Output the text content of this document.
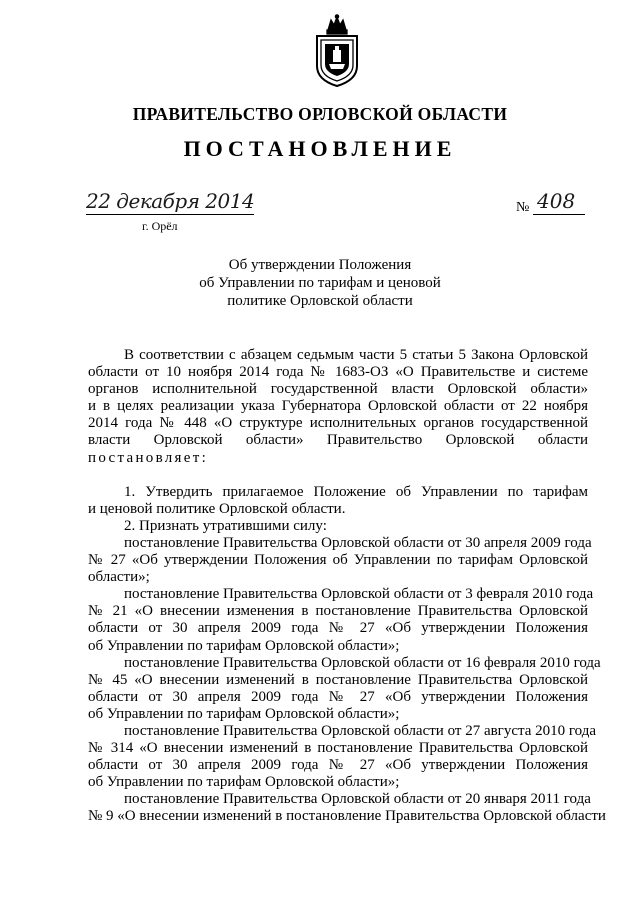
ПРАВИТЕЛЬСТВО ОРЛОВСКОЙ ОБЛАСТИ
ПОСТАНОВЛЕНИЕ
22 декабря 2014
г. Орёл
№ 408
Об утверждении Положения
об Управлении по тарифам и ценовой
политике Орловской области
В соответствии с абзацем седьмым части 5 статьи 5 Закона Орловской
области от 10 ноября 2014 года № 1683-ОЗ «О Правительстве и системе
органов исполнительной государственной власти Орловской области»
и в целях реализации указа Губернатора Орловской области от 22 ноября
2014 года № 448 «О структуре исполнительных органов государственной
власти Орловской области» Правительство Орловской области
постановляет:
1. Утвердить прилагаемое Положение об Управлении по тарифам
и ценовой политике Орловской области.
2. Признать утратившими силу:
постановление Правительства Орловской области от 30 апреля 2009 года
№ 27 «Об утверждении Положения об Управлении по тарифам Орловской
области»;
постановление Правительства Орловской области от 3 февраля 2010 года
№ 21 «О внесении изменения в постановление Правительства Орловской
области от 30 апреля 2009 года № 27 «Об утверждении Положения
об Управлении по тарифам Орловской области»;
постановление Правительства Орловской области от 16 февраля 2010 года
№ 45 «О внесении изменений в постановление Правительства Орловской
области от 30 апреля 2009 года № 27 «Об утверждении Положения
об Управлении по тарифам Орловской области»;
постановление Правительства Орловской области от 27 августа 2010 года
№ 314 «О внесении изменений в постановление Правительства Орловской
области от 30 апреля 2009 года № 27 «Об утверждении Положения
об Управлении по тарифам Орловской области»;
постановление Правительства Орловской области от 20 января 2011 года
№ 9 «О внесении изменений в постановление Правительства Орловской области
